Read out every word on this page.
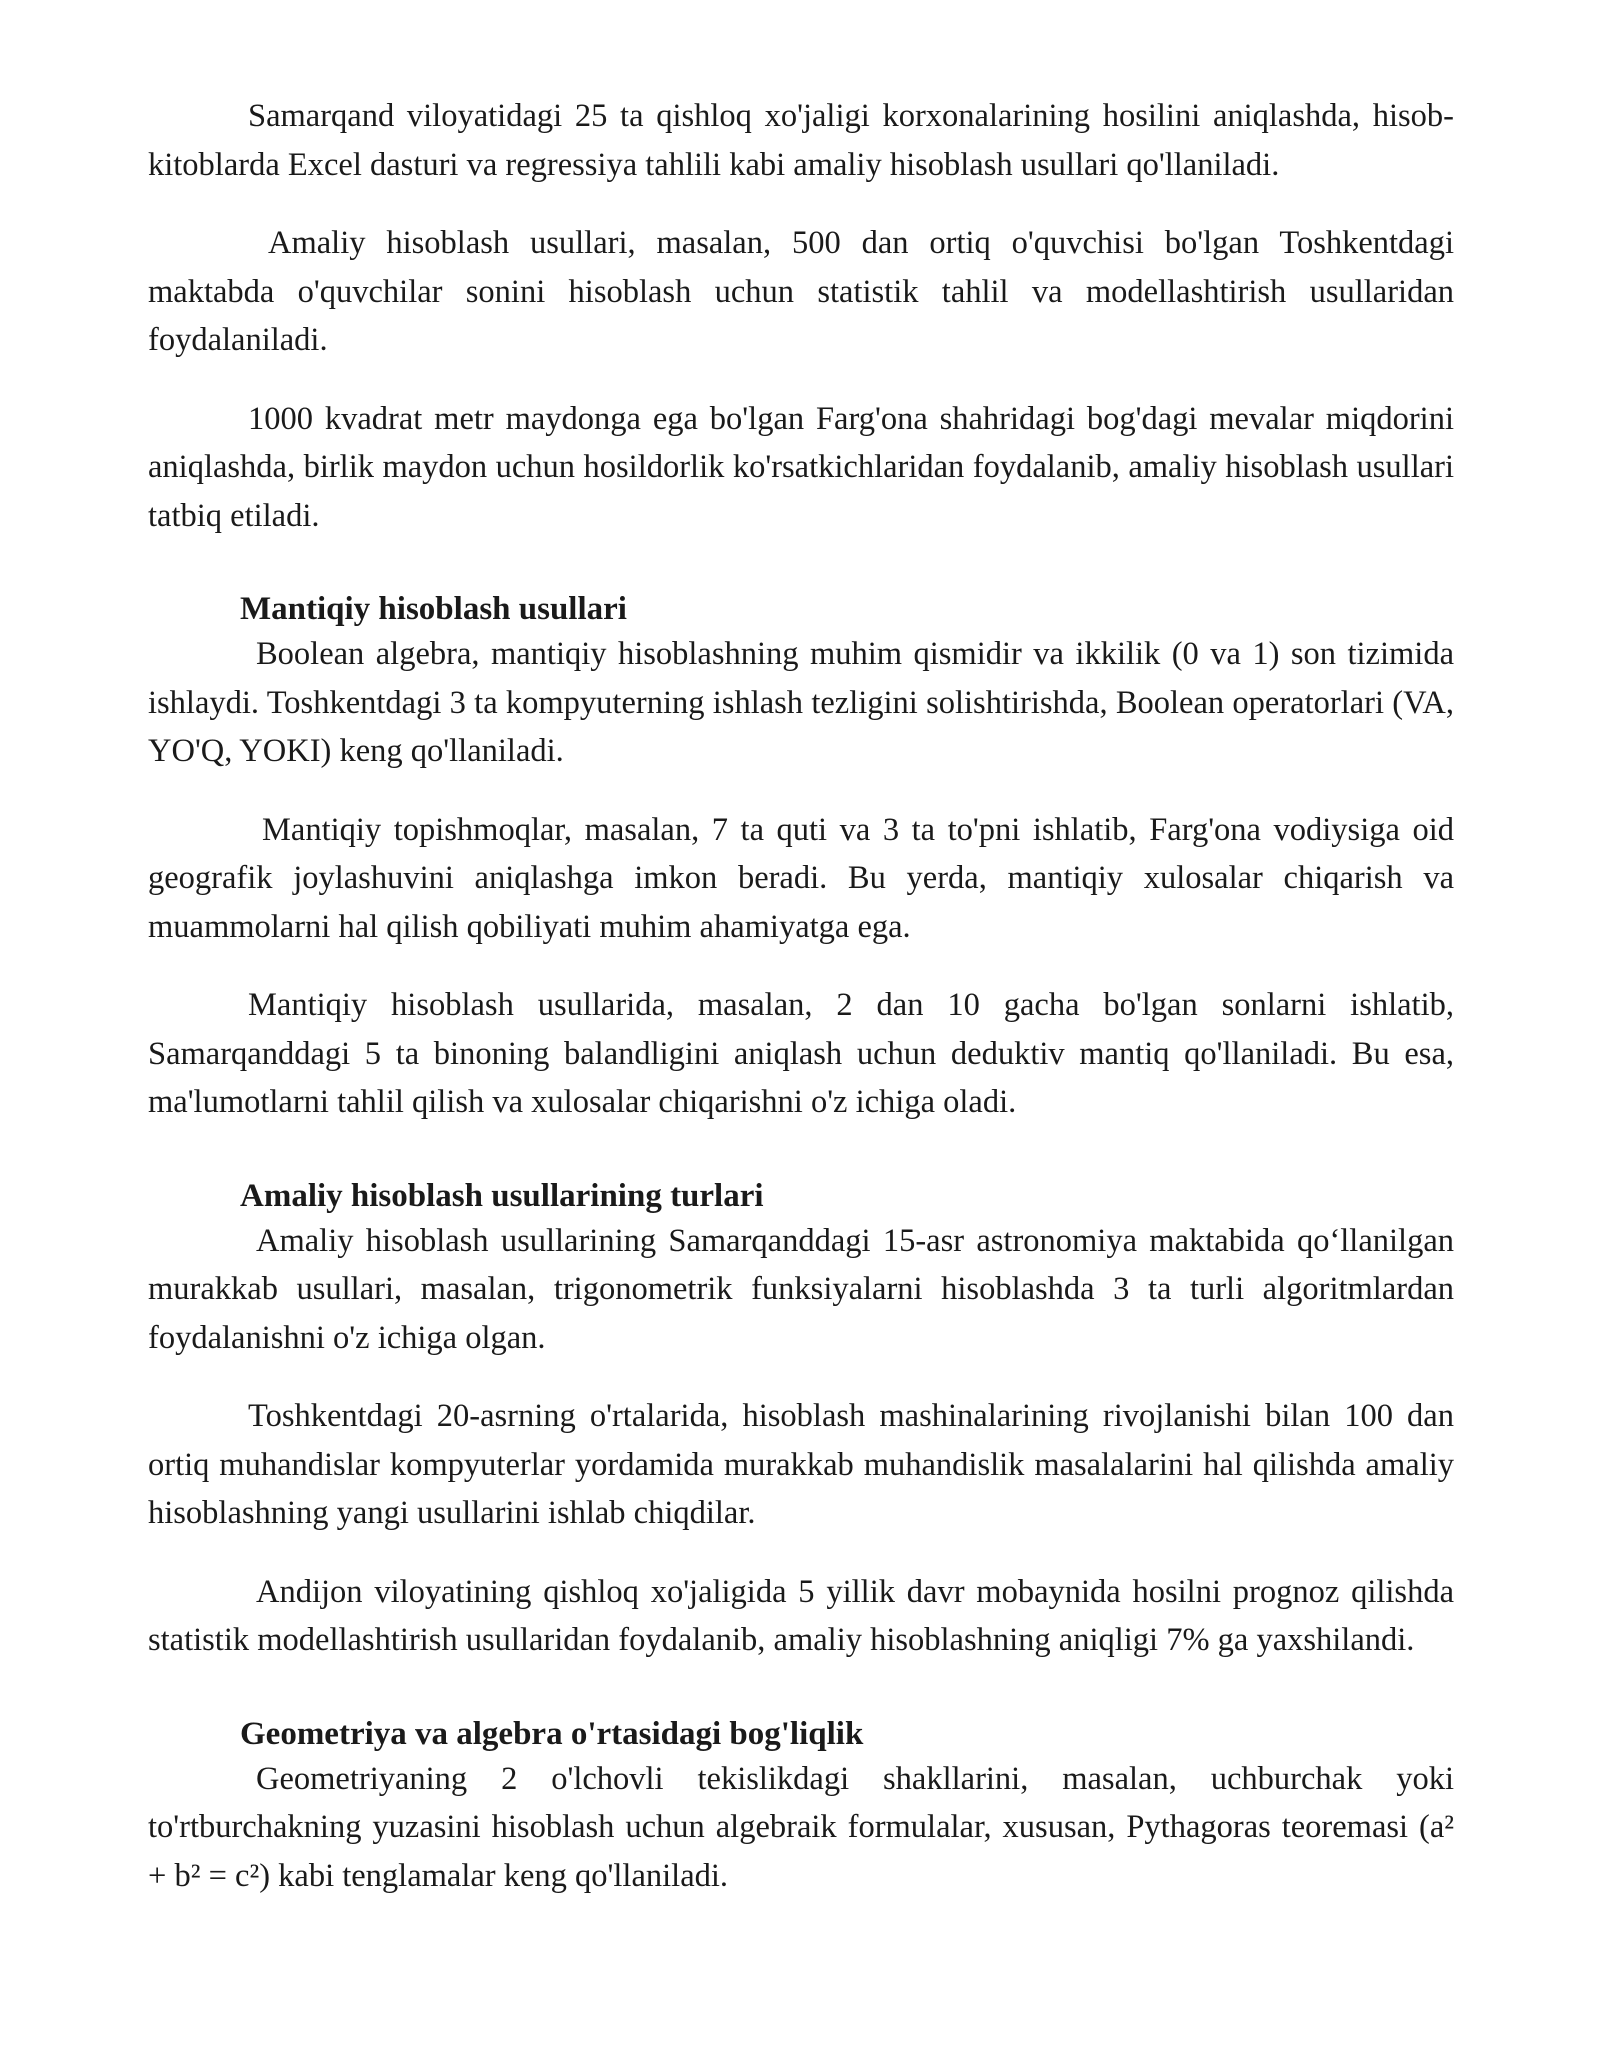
Samarqand viloyatidagi 25 ta qishloq xo'jaligi korxonalarining hosilini aniqlashda, hisob-kitoblarda Excel dasturi va regressiya tahlili kabi amaliy hisoblash usullari qo'llaniladi.

Amaliy hisoblash usullari, masalan, 500 dan ortiq o'quvchisi bo'lgan Toshkentdagi maktabda o'quvchilar sonini hisoblash uchun statistik tahlil va modellashtirish usullaridan foydalaniladi.

1000 kvadrat metr maydonga ega bo'lgan Farg'ona shahridagi bog'dagi mevalar miqdorini aniqlashda, birlik maydon uchun hosildorlik ko'rsatkichlaridan foydalanib, amaliy hisoblash usullari tatbiq etiladi.

Mantiqiy hisoblash usullari

Boolean algebra, mantiqiy hisoblashning muhim qismidir va ikkilik (0 va 1) son tizimida ishlaydi. Toshkentdagi 3 ta kompyuterning ishlash tezligini solishtirishda, Boolean operatorlari (VA, YO'Q, YOKI) keng qo'llaniladi.

Mantiqiy topishmoqlar, masalan, 7 ta quti va 3 ta to'pni ishlatib, Farg'ona vodiysiga oid geografik joylashuvini aniqlashga imkon beradi. Bu yerda, mantiqiy xulosalar chiqarish va muammolarni hal qilish qobiliyati muhim ahamiyatga ega.

Mantiqiy hisoblash usullarida, masalan, 2 dan 10 gacha bo'lgan sonlarni ishlatib, Samarqanddagi 5 ta binoning balandligini aniqlash uchun deduktiv mantiq qo'llaniladi. Bu esa, ma'lumotlarni tahlil qilish va xulosalar chiqarishni o'z ichiga oladi.

Amaliy hisoblash usullarining turlari

Amaliy hisoblash usullarining Samarqanddagi 15-asr astronomiya maktabida qo‘llanilgan murakkab usullari, masalan, trigonometrik funksiyalarni hisoblashda 3 ta turli algoritmlardan foydalanishni o'z ichiga olgan.

Toshkentdagi 20-asrning o'rtalarida, hisoblash mashinalarining rivojlanishi bilan 100 dan ortiq muhandislar kompyuterlar yordamida murakkab muhandislik masalalarini hal qilishda amaliy hisoblashning yangi usullarini ishlab chiqdilar.

Andijon viloyatining qishloq xo'jaligida 5 yillik davr mobaynida hosilni prognoz qilishda statistik modellashtirish usullaridan foydalanib, amaliy hisoblashning aniqligi 7% ga yaxshilandi.

Geometriya va algebra o'rtasidagi bog'liqlik

Geometriyaning 2 o'lchovli tekislikdagi shakllarini, masalan, uchburchak yoki to'rtburchakning yuzasini hisoblash uchun algebraik formulalar, xususan, Pythagoras teoremasi (a² + b² = c²) kabi tenglamalar keng qo'llaniladi.
